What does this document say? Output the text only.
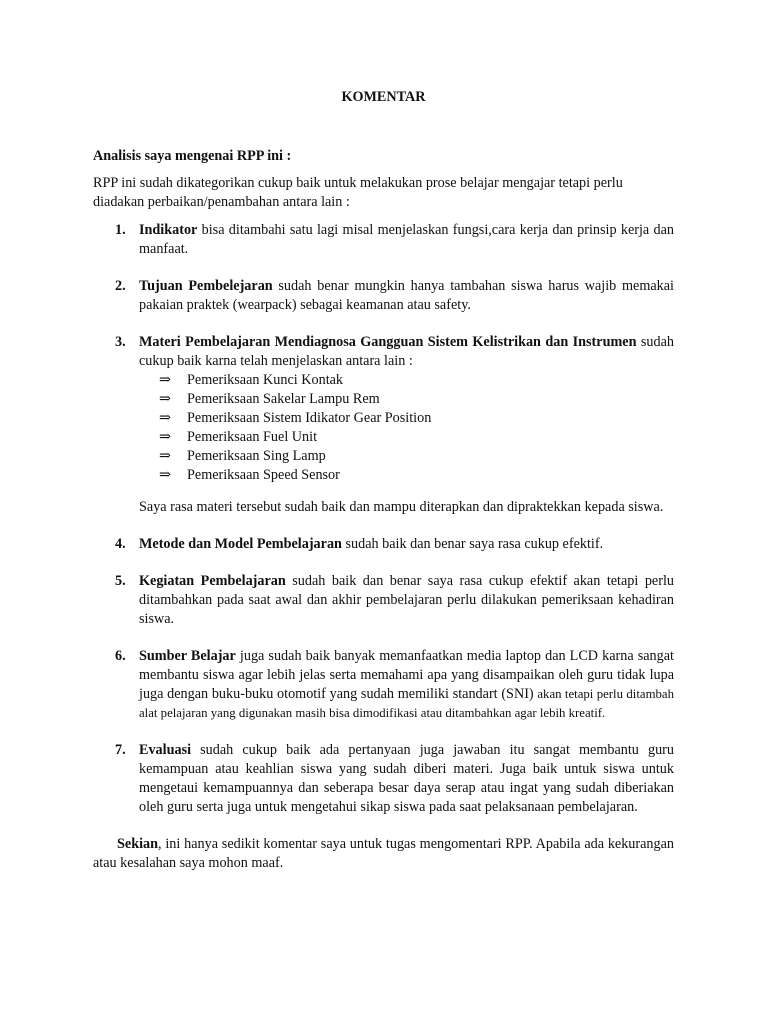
KOMENTAR
Analisis saya mengenai RPP ini :
RPP ini sudah dikategorikan cukup baik untuk melakukan prose belajar mengajar tetapi perlu diadakan perbaikan/penambahan antara lain :
1. Indikator bisa ditambahi satu lagi misal menjelaskan fungsi,cara kerja dan prinsip kerja dan manfaat.
2. Tujuan Pembelejaran sudah benar mungkin hanya tambahan siswa harus wajib memakai pakaian praktek (wearpack) sebagai keamanan atau safety.
3. Materi Pembelajaran Mendiagnosa Gangguan Sistem Kelistrikan dan Instrumen sudah cukup baik karna telah menjelaskan antara lain :
⇒ Pemeriksaan Kunci Kontak
⇒ Pemeriksaan Sakelar Lampu Rem
⇒ Pemeriksaan Sistem Idikator Gear Position
⇒ Pemeriksaan Fuel Unit
⇒ Pemeriksaan Sing Lamp
⇒ Pemeriksaan Speed Sensor
Saya rasa materi tersebut sudah baik dan mampu diterapkan dan dipraktekkan kepada siswa.
4. Metode dan Model Pembelajaran sudah baik dan benar saya rasa cukup efektif.
5. Kegiatan Pembelajaran sudah baik dan benar saya rasa cukup efektif akan tetapi perlu ditambahkan pada saat awal dan akhir pembelajaran perlu dilakukan pemeriksaan kehadiran siswa.
6. Sumber Belajar juga sudah baik banyak memanfaatkan media laptop dan LCD karna sangat membantu siswa agar lebih jelas serta memahami apa yang disampaikan oleh guru tidak lupa juga dengan buku-buku otomotif yang sudah memiliki standart (SNI) akan tetapi perlu ditambah alat pelajaran yang digunakan masih bisa dimodifikasi atau ditambahkan agar lebih kreatif.
7. Evaluasi sudah cukup baik ada pertanyaan juga jawaban itu sangat membantu guru kemampuan atau keahlian siswa yang sudah diberi materi. Juga baik untuk siswa untuk mengetaui kemampuannya dan seberapa besar daya serap atau ingat yang sudah diberiakan oleh guru serta juga untuk mengetahui sikap siswa pada saat pelaksanaan pembelajaran.
Sekian, ini hanya sedikit komentar saya untuk tugas mengomentari RPP. Apabila ada kekurangan atau kesalahan saya mohon maaf.
